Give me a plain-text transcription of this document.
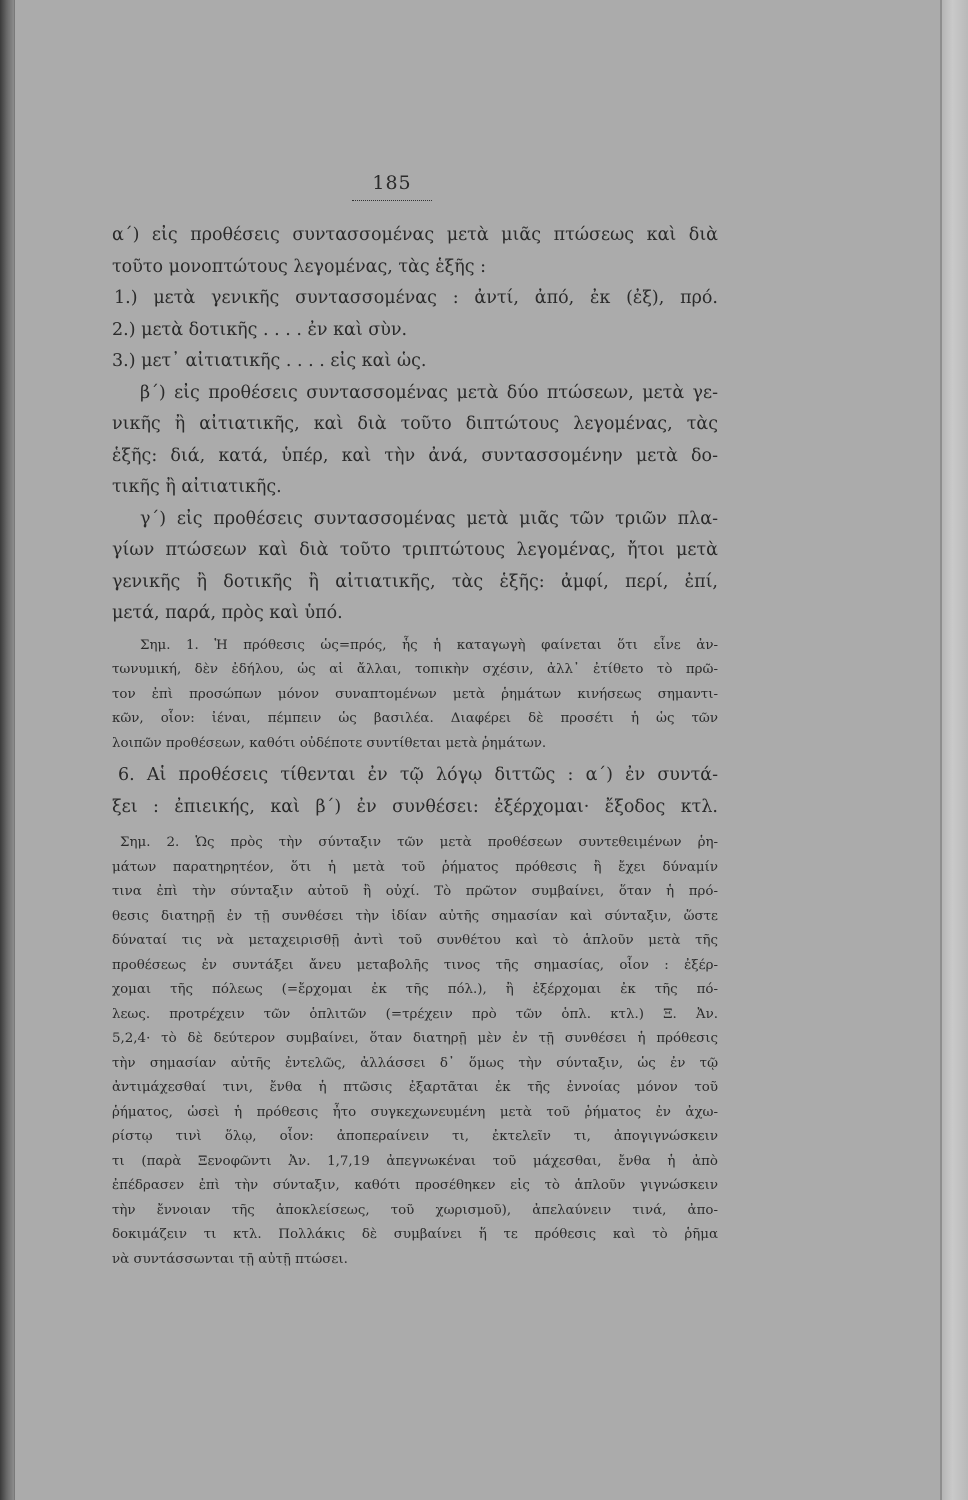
185
α΄) εἰς προθέσεις συντασσομένας μετὰ μιᾶς πτώσεως καὶ διὰ
τοῦτο μονοπτώτους λεγομένας, τὰς ἑξῆς :
1.) μετὰ γενικῆς συντασσομένας : ἀντί, ἀπό, ἐκ (ἐξ), πρό.
2.) μετὰ δοτικῆς . . . . ἐν καὶ σὺν.
3.) μετ᾽ αἰτιατικῆς . . . . εἰς καὶ ὡς.
β΄) εἰς προθέσεις συντασσομένας μετὰ δύο πτώσεων, μετὰ γε-
νικῆς ἢ αἰτιατικῆς, καὶ διὰ τοῦτο διπτώτους λεγομένας, τὰς
ἑξῆς: διά, κατά, ὑπέρ, καὶ τὴν ἀνά, συντασσομένην μετὰ δο-
τικῆς ἢ αἰτιατικῆς.
γ΄) εἰς προθέσεις συντασσομένας μετὰ μιᾶς τῶν τριῶν πλα-
γίων πτώσεων καὶ διὰ τοῦτο τριπτώτους λεγομένας, ἤτοι μετὰ
γενικῆς ἢ δοτικῆς ἢ αἰτιατικῆς, τὰς ἑξῆς: ἀμφί, περί, ἐπί,
μετά, παρά, πρὸς καὶ ὑπό.
Σημ. 1. Ἡ πρόθεσις ὡς=πρός, ἧς ἡ καταγωγὴ φαίνεται ὅτι εἶνε ἀν-
τωνυμική, δὲν ἐδήλου, ὡς αἱ ἄλλαι, τοπικὴν σχέσιν, ἀλλ᾽ ἐτίθετο τὸ πρῶ-
τον ἐπὶ προσώπων μόνον συναπτομένων μετὰ ῥημάτων κινήσεως σημαντι-
κῶν, οἷον: ἰέναι, πέμπειν ὡς βασιλέα. Διαφέρει δὲ προσέτι ἡ ὡς τῶν
λοιπῶν προθέσεων, καθότι οὐδέποτε συντίθεται μετὰ ῥημάτων.
6. Αἱ προθέσεις τίθενται ἐν τῷ λόγῳ διττῶς : α΄) ἐν συντά-
ξει : ἐπιεικής, καὶ β΄) ἐν συνθέσει: ἐξέρχομαι· ἔξοδος κτλ.
Σημ. 2. Ὡς πρὸς τὴν σύνταξιν τῶν μετὰ προθέσεων συντεθειμένων ῥη-
μάτων παρατηρητέον, ὅτι ἡ μετὰ τοῦ ῥήματος πρόθεσις ἢ ἔχει δύναμίν
τινα ἐπὶ τὴν σύνταξιν αὐτοῦ ἢ οὐχί. Τὸ πρῶτον συμβαίνει, ὅταν ἡ πρό-
θεσις διατηρῇ ἐν τῇ συνθέσει τὴν ἰδίαν αὐτῆς σημασίαν καὶ σύνταξιν, ὥστε
δύναταί τις νὰ μεταχειρισθῇ ἀντὶ τοῦ συνθέτου καὶ τὸ ἁπλοῦν μετὰ τῆς
προθέσεως ἐν συντάξει ἄνευ μεταβολῆς τινος τῆς σημασίας, οἷον : ἐξέρ-
χομαι τῆς πόλεως (=ἔρχομαι ἐκ τῆς πόλ.), ἢ ἐξέρχομαι ἐκ τῆς πό-
λεως. προτρέχειν τῶν ὁπλιτῶν (=τρέχειν πρὸ τῶν ὁπλ. κτλ.) Ξ. Ἀν.
5,2,4· τὸ δὲ δεύτερον συμβαίνει, ὅταν διατηρῇ μὲν ἐν τῇ συνθέσει ἡ πρόθεσις
τὴν σημασίαν αὐτῆς ἐντελῶς, ἀλλάσσει δ᾽ ὅμως τὴν σύνταξιν, ὡς ἐν τῷ
ἀντιμάχεσθαί τινι, ἔνθα ἡ πτῶσις ἐξαρτᾶται ἐκ τῆς ἐννοίας μόνον τοῦ
ῥήματος, ὡσεὶ ἡ πρόθεσις ἦτο συγκεχωνευμένη μετὰ τοῦ ῥήματος ἐν ἀχω-
ρίστῳ τινὶ ὅλῳ, οἷον: ἀποπεραίνειν τι, ἐκτελεῖν τι, ἀπογιγνώσκειν
τι (παρὰ Ξενοφῶντι Ἀν. 1,7,19 ἀπεγνωκέναι τοῦ μάχεσθαι, ἔνθα ἡ ἀπὸ
ἐπέδρασεν ἐπὶ τὴν σύνταξιν, καθότι προσέθηκεν εἰς τὸ ἁπλοῦν γιγνώσκειν
τὴν ἔννοιαν τῆς ἀποκλείσεως, τοῦ χωρισμοῦ), ἀπελαύνειν τινά, ἀπο-
δοκιμάζειν τι κτλ. Πολλάκις δὲ συμβαίνει ἥ τε πρόθεσις καὶ τὸ ῥῆμα
νὰ συντάσσωνται τῇ αὐτῇ πτώσει.
